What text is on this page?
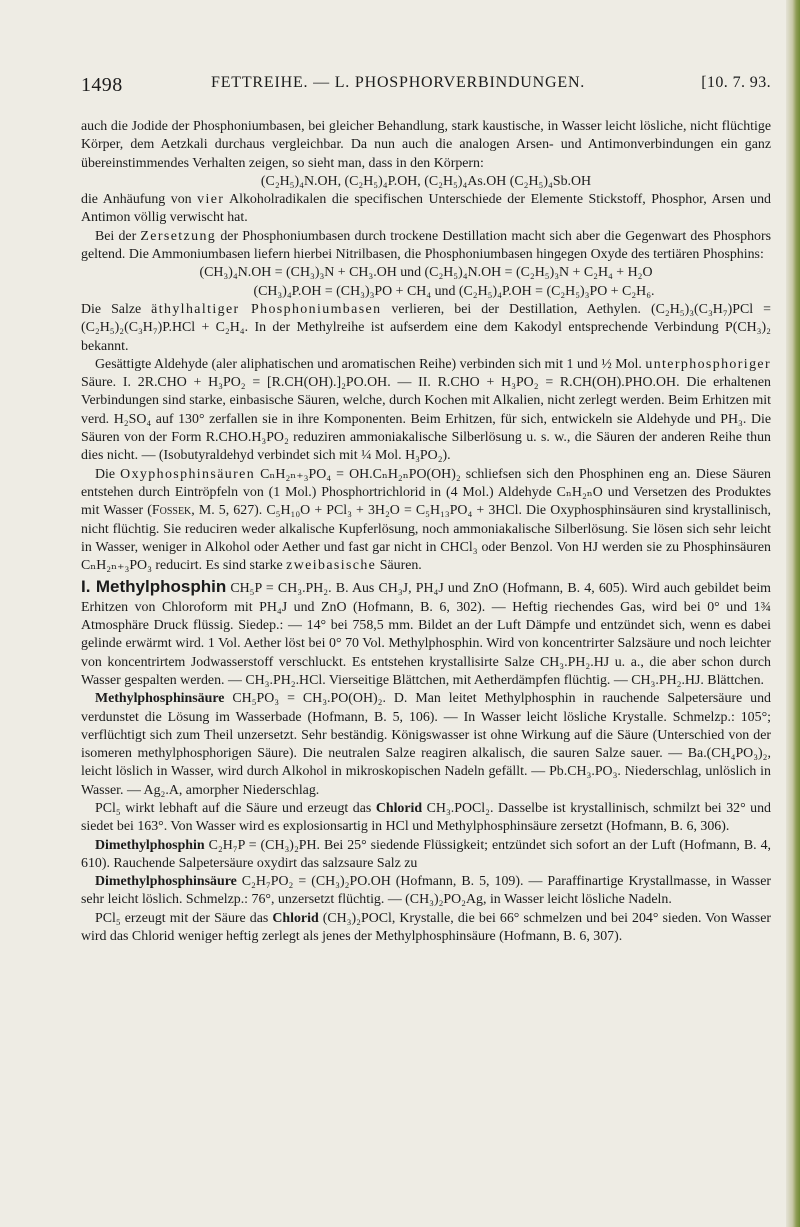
1498	FETTREIHE. — L. PHOSPHORVERBINDUNGEN.	[10. 7. 93.

auch die Jodide der Phosphoniumbasen, bei gleicher Behandlung, stark kaustische, in Wasser leicht lösliche, nicht flüchtige Körper, dem Aetzkali durchaus vergleichbar. Da nun auch die analogen Arsen- und Antimonverbindungen ein ganz übereinstimmendes Verhalten zeigen, so sieht man, dass in den Körpern:

(C₂H₅)₄N.OH, (C₂H₅)₄P.OH, (C₂H₅)₄As.OH (C₂H₅)₄Sb.OH

die Anhäufung von vier Alkoholradikalen die specifischen Unterschiede der Elemente Stickstoff, Phosphor, Arsen und Antimon völlig verwischt hat.

Bei der Zersetzung der Phosphoniumbasen durch trockene Destillation macht sich aber die Gegenwart des Phosphors geltend. Die Ammoniumbasen liefern hierbei Nitrilbasen, die Phosphoniumbasen hingegen Oxyde des tertiären Phosphins:

(CH₃)₄N.OH = (CH₃)₃N + CH₃.OH und (C₂H₅)₄N.OH = (C₂H₅)₃N + C₂H₄ + H₂O

(CH₃)₄P.OH = (CH₃)₃PO + CH₄ und (C₂H₅)₄P.OH = (C₂H₅)₃PO + C₂H₆.

Die Salze äthylhaltiger Phosphoniumbasen verlieren, bei der Destillation, Aethylen. (C₂H₅)₃(C₃H₇)PCl = (C₂H₅)₂(C₃H₇)P.HCl + C₂H₄. In der Methylreihe ist aufserdem eine dem Kakodyl entsprechende Verbindung P(CH₃)₂ bekannt.

Gesättigte Aldehyde (aler aliphatischen und aromatischen Reihe) verbinden sich mit 1 und ½ Mol. unterphosphoriger Säure. I. 2R.CHO + H₃PO₂ = [R.CH(OH).]₂PO.OH. — II. R.CHO + H₃PO₂ = R.CH(OH).PHO.OH. Die erhaltenen Verbindungen sind starke, einbasische Säuren, welche, durch Kochen mit Alkalien, nicht zerlegt werden. Beim Erhitzen mit verd. H₂SO₄ auf 130° zerfallen sie in ihre Komponenten. Beim Erhitzen, für sich, entwickeln sie Aldehyde und PH₃. Die Säuren von der Form R.CHO.H₃PO₂ reduziren ammoniakalische Silberlösung u. s. w., die Säuren der anderen Reihe thun dies nicht. — (Isobutyraldehyd verbindet sich mit ¼ Mol. H₃PO₂).

Die Oxyphosphinsäuren CₙH₂ₙ₊₃PO₄ = OH.CₙH₂ₙPO(OH)₂ schliefsen sich den Phosphinen eng an. Diese Säuren entstehen durch Eintröpfeln von (1 Mol.) Phosphortrichlorid in (4 Mol.) Aldehyde CₙH₂ₙO und Versetzen des Produktes mit Wasser (Fossek, M. 5, 627). C₅H₁₀O + PCl₃ + 3H₂O = C₅H₁₃PO₄ + 3HCl. Die Oxyphosphinsäuren sind krystallinisch, nicht flüchtig. Sie reduciren weder alkalische Kupferlösung, noch ammoniakalische Silberlösung. Sie lösen sich sehr leicht in Wasser, weniger in Alkohol oder Aether und fast gar nicht in CHCl₃ oder Benzol. Von HJ werden sie zu Phosphinsäuren CₙH₂ₙ₊₃PO₃ reducirt. Es sind starke zweibasische Säuren.

I. Methylphosphin CH₅P = CH₃.PH₂. B. Aus CH₃J, PH₄J und ZnO (Hofmann, B. 4, 605). Wird auch gebildet beim Erhitzen von Chloroform mit PH₄J und ZnO (Hofmann, B. 6, 302). — Heftig riechendes Gas, wird bei 0° und 1¾ Atmosphäre Druck flüssig. Siedep.: — 14° bei 758,5 mm. Bildet an der Luft Dämpfe und entzündet sich, wenn es dabei gelinde erwärmt wird. 1 Vol. Aether löst bei 0° 70 Vol. Methylphosphin. Wird von koncentrirter Salzsäure und noch leichter von koncentrirtem Jodwasserstoff verschluckt. Es entstehen krystallisirte Salze CH₃.PH₂.HJ u. a., die aber schon durch Wasser gespalten werden. — CH₃.PH₂.HCl. Vierseitige Blättchen, mit Aetherdämpfen flüchtig. — CH₃.PH₂.HJ. Blättchen.

Methylphosphinsäure CH₅PO₃ = CH₃.PO(OH)₂. D. Man leitet Methylphosphin in rauchende Salpetersäure und verdunstet die Lösung im Wasserbade (Hofmann, B. 5, 106). — In Wasser leicht lösliche Krystalle. Schmelzp.: 105°; verflüchtigt sich zum Theil unzersetzt. Sehr beständig. Königswasser ist ohne Wirkung auf die Säure (Unterschied von der isomeren methylphosphorigen Säure). Die neutralen Salze reagiren alkalisch, die sauren Salze sauer. — Ba.(CH₄PO₃)₂, leicht löslich in Wasser, wird durch Alkohol in mikroskopischen Nadeln gefällt. — Pb.CH₃.PO₃. Niederschlag, unlöslich in Wasser. — Ag₂.A, amorpher Niederschlag.

PCl₅ wirkt lebhaft auf die Säure und erzeugt das Chlorid CH₃.POCl₂. Dasselbe ist krystallinisch, schmilzt bei 32° und siedet bei 163°. Von Wasser wird es explosionsartig in HCl und Methylphosphinsäure zersetzt (Hofmann, B. 6, 306).

Dimethylphosphin C₂H₇P = (CH₃)₂PH. Bei 25° siedende Flüssigkeit; entzündet sich sofort an der Luft (Hofmann, B. 4, 610). Rauchende Salpetersäure oxydirt das salzsaure Salz zu

Dimethylphosphinsäure C₂H₇PO₂ = (CH₃)₂PO.OH (Hofmann, B. 5, 109). — Paraffinartige Krystallmasse, in Wasser sehr leicht löslich. Schmelzp.: 76°, unzersetzt flüchtig. — (CH₃)₂PO₂Ag, in Wasser leicht lösliche Nadeln.

PCl₅ erzeugt mit der Säure das Chlorid (CH₃)₂POCl, Krystalle, die bei 66° schmelzen und bei 204° sieden. Von Wasser wird das Chlorid weniger heftig zerlegt als jenes der Methylphosphinsäure (Hofmann, B. 6, 307).
